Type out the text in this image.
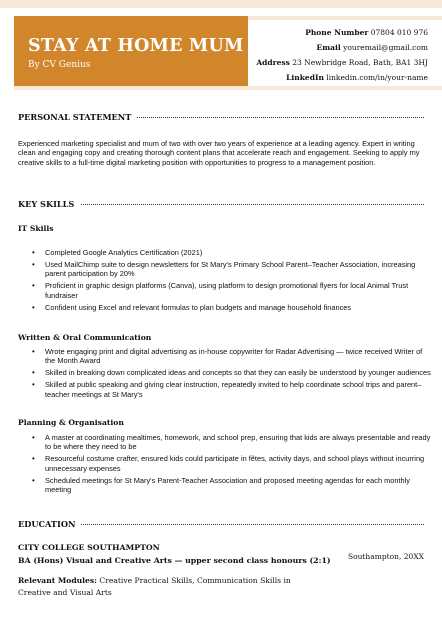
STAY AT HOME MUM CV
By CV Genius
Phone Number 07804 010 976
Email youremail@gmail.com
Address 23 Newbridge Road, Bath, BA1 3HJ
LinkedIn linkedin.com/in/your-name
PERSONAL STATEMENT

Experienced marketing specialist and mum of two with over two years of experience at a leading agency. Expert in writing clean and engaging copy and creating thorough content plans that accelerate reach and engagement. Seeking to apply my creative skills to a full-time digital marketing position with opportunities to progress to a management position.

KEY SKILLS
IT Skills
• Completed Google Analytics Certification (2021)
• Used MailChimp suite to design newsletters for St Mary's Primary School Parent–Teacher Association, increasing parent participation by 20%
• Proficient in graphic design platforms (Canva), using platform to design promotional flyers for local Animal Trust fundraiser
• Confident using Excel and relevant formulas to plan budgets and manage household finances
Written & Oral Communication
• Wrote engaging print and digital advertising as in-house copywriter for Radar Advertising — twice received Writer of the Month Award
• Skilled in breaking down complicated ideas and concepts so that they can easily be understood by younger audiences
• Skilled at public speaking and giving clear instruction, repeatedly invited to help coordinate school trips and parent–teacher meetings at St Mary's
Planning & Organisation
• A master at coordinating mealtimes, homework, and school prep, ensuring that kids are always presentable and ready to be where they need to be
• Resourceful costume crafter, ensured kids could participate in fêtes, activity days, and school plays without incurring unnecessary expenses
• Scheduled meetings for St Mary's Parent-Teacher Association and proposed meeting agendas for each monthly meeting
EDUCATION
CITY COLLEGE SOUTHAMPTON
BA (Hons) Visual and Creative Arts — upper second class honours (2:1) Southampton, 20XX

Relevant Modules: Creative Practical Skills, Communication Skills in Creative and Visual Arts
